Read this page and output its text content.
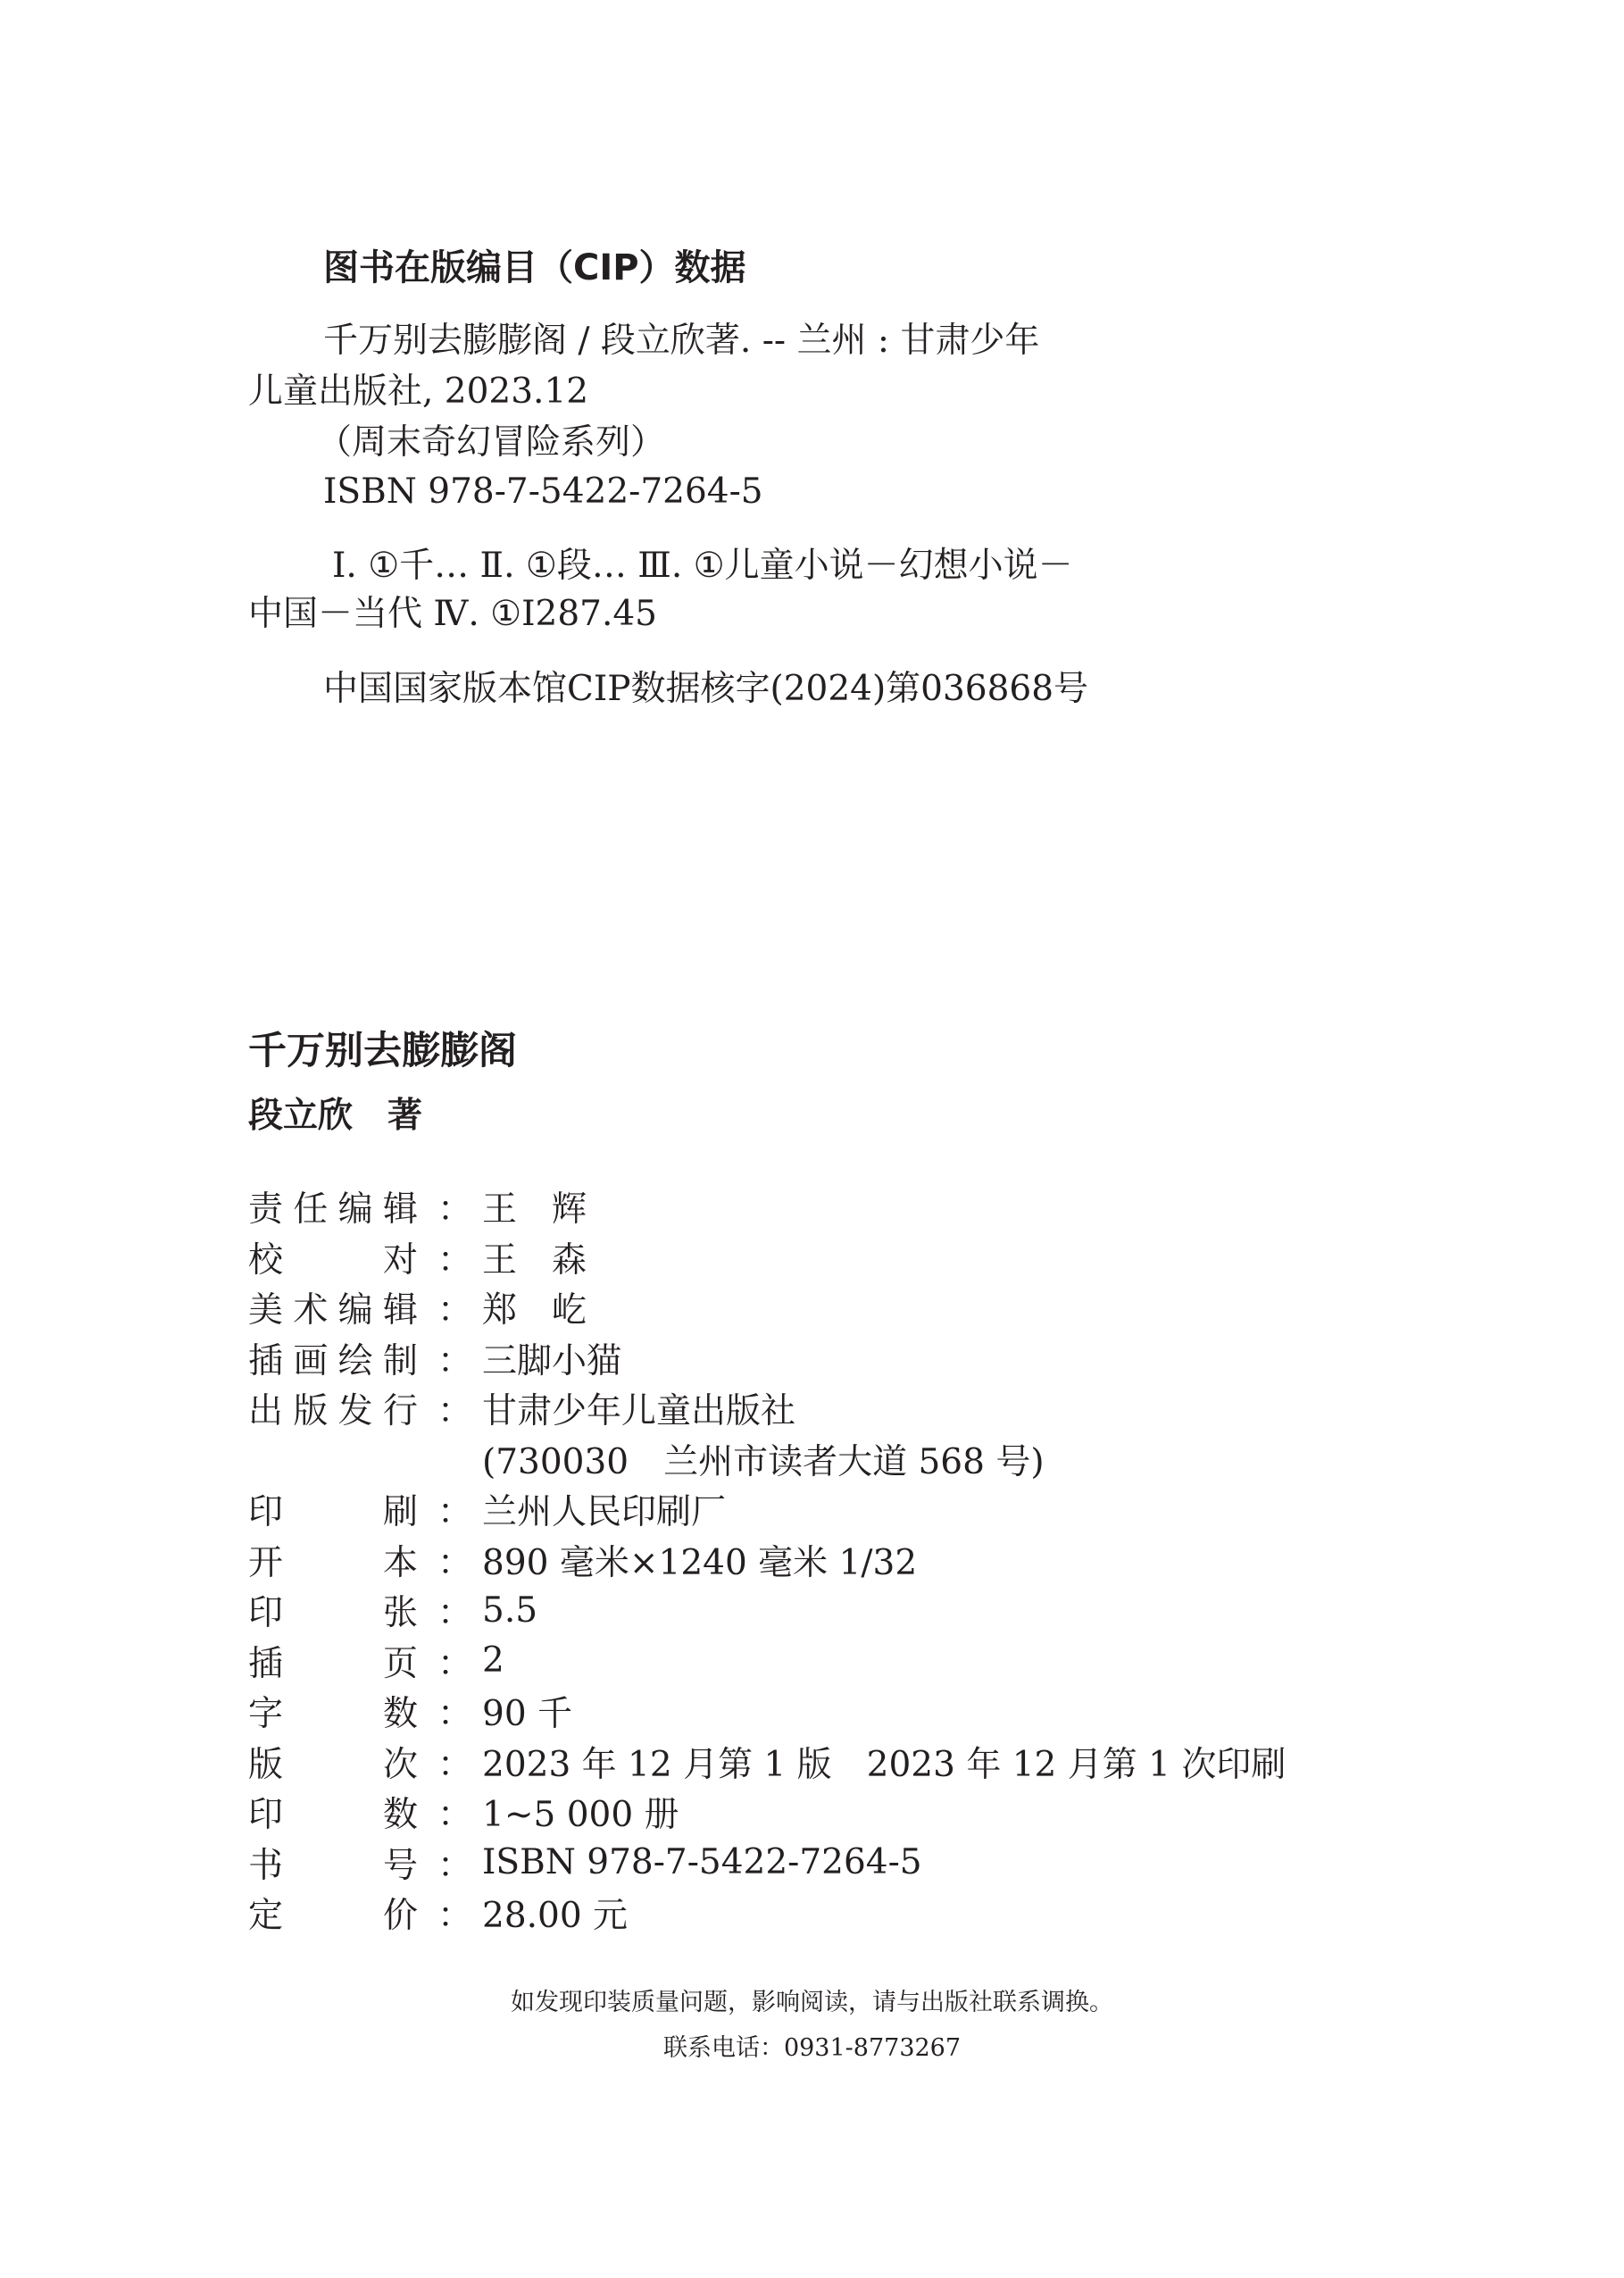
图书在版编目（CIP）数据
千万别去膨膨阁 / 段立欣著. -- 兰州 : 甘肃少年
儿童出版社, 2023.12
（周末奇幻冒险系列）
ISBN 978-7-5422-7264-5
Ⅰ. ①千… Ⅱ. ①段… Ⅲ. ①儿童小说－幻想小说－
中国－当代 Ⅳ. ①I287.45
中国国家版本馆CIP数据核字(2024)第036868号
千万别去膨膨阁
段立欣　著
责 任 编 辑 ： 王　辉
校	对 ： 王　森
美 术 编 辑 ： 郑　屹
插 画 绘 制 ： 三脚小猫
出 版 发 行 ： 甘肃少年儿童出版社
(730030　兰州市读者大道 568 号)
印	刷 ： 兰州人民印刷厂
开	本 ： 890 毫米×1240 毫米 1/32
印	张 ： 5.5
插	页 ： 2
字	数 ： 90 千
版	次 ： 2023 年 12 月第 1 版　2023 年 12 月第 1 次印刷
印	数 ： 1~5 000 册
书	号 ： ISBN 978-7-5422-7264-5
定	价 ： 28.00 元
如发现印装质量问题，影响阅读，请与出版社联系调换。
联系电话：0931-8773267
